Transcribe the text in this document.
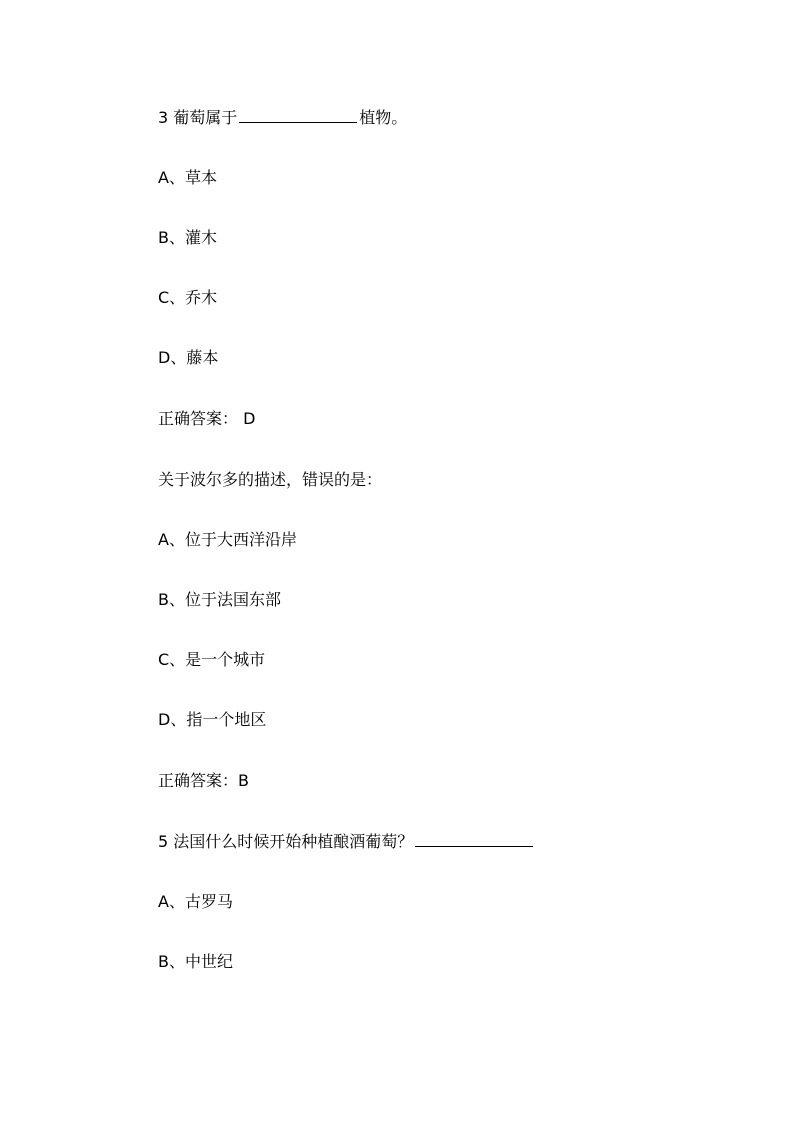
3 葡萄属于	植物。
A、草本
B、灌木
C、乔木
D、藤本
正确答案： D
关于波尔多的描述，错误的是：
A、位于大西洋沿岸
B、位于法国东部
C、是一个城市
D、指一个地区
正确答案：B
5 法国什么时候开始种植酿酒葡萄？
A、古罗马
B、中世纪
